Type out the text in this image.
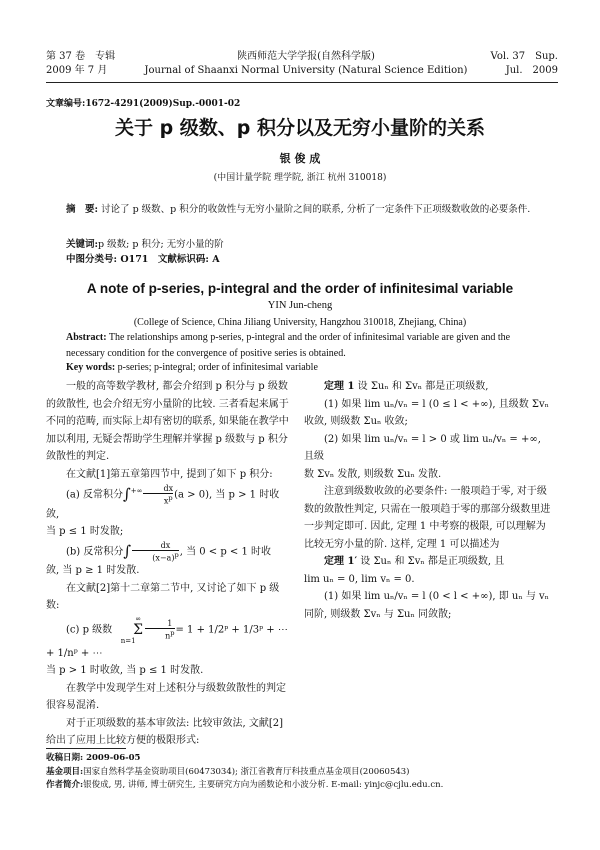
第 37 卷　专辑
2009 年 7 月
陕西师范大学学报(自然科学版)
Journal of Shaanxi Normal University (Natural Science Edition)
Vol. 37　Sup.
Jul.　2009
文章编号:1672-4291(2009)Sup.-0001-02
关于 p 级数、p 积分以及无穷小量阶的关系
银 俊 成
(中国计量学院 理学院, 浙江 杭州 310018)
摘　要: 讨论了 p 级数、p 积分的收敛性与无穷小量阶之间的联系, 分析了一定条件下正项级数收敛的必要条件.
关键词:p 级数; p 积分; 无穷小量的阶
中图分类号: O171　文献标识码: A
A note of p-series, p-integral and the order of infinitesimal variable
YIN Jun-cheng
(College of Science, China Jiliang University, Hangzhou 310018, Zhejiang, China)
Abstract: The relationships among p-series, p-integral and the order of infinitesimal variable are given and the necessary condition for the convergence of positive series is obtained.
Key words: p-series; p-integral; order of infinitesimal variable

一般的高等数学教材, 都会介绍到 p 积分与 p 级数的敛散性, 也会介绍无穷小量阶的比较. 三者看起来属于不同的范畴, 而实际上却有密切的联系, 如果能在教学中加以利用, 无疑会帮助学生理解并掌握 p 级数与 p 积分敛散性的判定.

在文献[1]第五章第四节中, 提到了如下 p 积分:

(a) 反常积分$\int^{+\infty} \frac{dx}{x^p} (a > 0)$, 当 p > 1 时收敛,

当 p ≤ 1 时发散;

(b) 反常积分∫ $\frac{dx}{(x-a)^p}$ , 当 0 < p < 1 时收

敛, 当 p ≥ 1 时发散.

在文献[2]第十二章第二节中, 又讨论了如下 p 级数:

(c) p 级数∞
Σ
n=1
$\frac{1}{n^p} = 1$ + 1/2ᵖ + 1/3ᵖ + ⋯ + 1/nᵖ + ⋯

当 p > 1 时收敛, 当 p ≤ 1 时发散.

在教学中发现学生对上述积分与级数敛散性的判定很容易混淆.

对于正项级数的基本审敛法: 比较审敛法, 文献[2]给出了应用上比较方便的极限形式:

定理 1 设 Σuₙ 和 Σvₙ 都是正项级数,

(1) 如果 lim uₙ/vₙ = l (0 ≤ l < +∞), 且级数 Σvₙ

收敛, 则级数 Σuₙ 收敛;

(2) 如果 lim uₙ/vₙ = l > 0 或 lim uₙ/vₙ = +∞, 且级

数 Σvₙ 发散, 则级数 Σuₙ 发散.

注意到级数收敛的必要条件: 一般项趋于零, 对于级数的敛散性判定, 只需在一般项趋于零的那部分级数里进一步判定即可. 因此, 定理 1 中考察的极限, 可以理解为比较无穷小量的阶. 这样, 定理 1 可以描述为

定理 1′ 设 Σuₙ 和 Σvₙ 都是正项级数, 且

lim uₙ = 0, lim vₙ = 0.

(1) 如果 lim uₙ/vₙ = l (0 < l < +∞), 即 uₙ 与 vₙ

同阶, 则级数 Σvₙ 与 Σuₙ 同敛散;

收稿日期: 2009-06-05
基金项目:国家自然科学基金资助项目(60473034); 浙江省教育厅科技重点基金项目(20060543)
作者简介:银俊成, 男, 讲师, 博士研究生, 主要研究方向为函数论和小波分析. E-mail: yinjc@cjlu.edu.cn.
